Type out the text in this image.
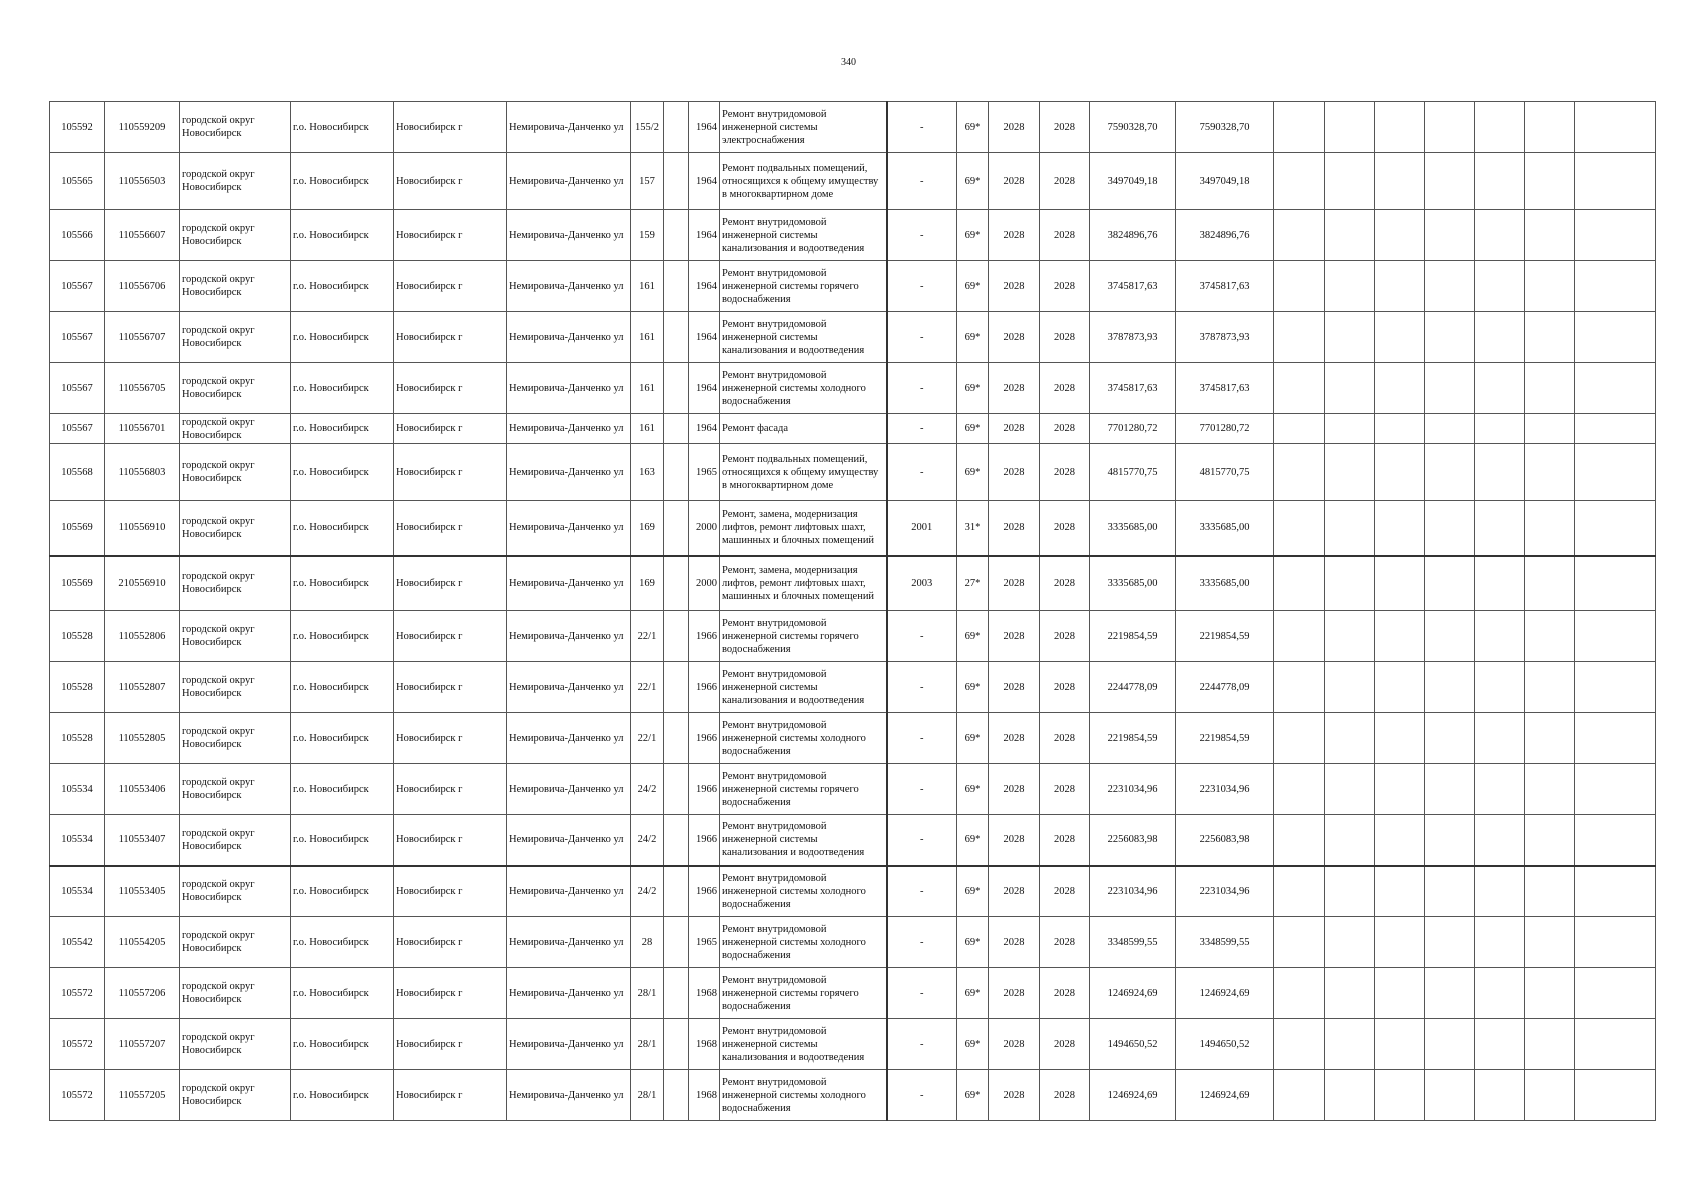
340
105592	110559209	городской округ Новосибирск	г.о. Новосибирск	Новосибирск г	Немировича-Данченко ул	155/2		1964	Ремонт внутридомовой инженерной системы электроснабжения	-	69*	2028	2028	7590328,70	7590328,70							
105565	110556503	городской округ Новосибирск	г.о. Новосибирск	Новосибирск г	Немировича-Данченко ул	157		1964	Ремонт подвальных помещений, относящихся к общему имуществу в многоквартирном доме	-	69*	2028	2028	3497049,18	3497049,18							
105566	110556607	городской округ Новосибирск	г.о. Новосибирск	Новосибирск г	Немировича-Данченко ул	159		1964	Ремонт внутридомовой инженерной системы канализования и водоотведения	-	69*	2028	2028	3824896,76	3824896,76							
105567	110556706	городской округ Новосибирск	г.о. Новосибирск	Новосибирск г	Немировича-Данченко ул	161		1964	Ремонт внутридомовой инженерной системы горячего водоснабжения	-	69*	2028	2028	3745817,63	3745817,63							
105567	110556707	городской округ Новосибирск	г.о. Новосибирск	Новосибирск г	Немировича-Данченко ул	161		1964	Ремонт внутридомовой инженерной системы канализования и водоотведения	-	69*	2028	2028	3787873,93	3787873,93							
105567	110556705	городской округ Новосибирск	г.о. Новосибирск	Новосибирск г	Немировича-Данченко ул	161		1964	Ремонт внутридомовой инженерной системы холодного водоснабжения	-	69*	2028	2028	3745817,63	3745817,63							
105567	110556701	городской округ Новосибирск	г.о. Новосибирск	Новосибирск г	Немировича-Данченко ул	161		1964	Ремонт фасада	-	69*	2028	2028	7701280,72	7701280,72							
105568	110556803	городской округ Новосибирск	г.о. Новосибирск	Новосибирск г	Немировича-Данченко ул	163		1965	Ремонт подвальных помещений, относящихся к общему имуществу в многоквартирном доме	-	69*	2028	2028	4815770,75	4815770,75							
105569	110556910	городской округ Новосибирск	г.о. Новосибирск	Новосибирск г	Немировича-Данченко ул	169		2000	Ремонт, замена, модернизация лифтов, ремонт лифтовых шахт, машинных и блочных помещений	2001	31*	2028	2028	3335685,00	3335685,00							
105569	210556910	городской округ Новосибирск	г.о. Новосибирск	Новосибирск г	Немировича-Данченко ул	169		2000	Ремонт, замена, модернизация лифтов, ремонт лифтовых шахт, машинных и блочных помещений	2003	27*	2028	2028	3335685,00	3335685,00							
105528	110552806	городской округ Новосибирск	г.о. Новосибирск	Новосибирск г	Немировича-Данченко ул	22/1		1966	Ремонт внутридомовой инженерной системы горячего водоснабжения	-	69*	2028	2028	2219854,59	2219854,59							
105528	110552807	городской округ Новосибирск	г.о. Новосибирск	Новосибирск г	Немировича-Данченко ул	22/1		1966	Ремонт внутридомовой инженерной системы канализования и водоотведения	-	69*	2028	2028	2244778,09	2244778,09							
105528	110552805	городской округ Новосибирск	г.о. Новосибирск	Новосибирск г	Немировича-Данченко ул	22/1		1966	Ремонт внутридомовой инженерной системы холодного водоснабжения	-	69*	2028	2028	2219854,59	2219854,59							
105534	110553406	городской округ Новосибирск	г.о. Новосибирск	Новосибирск г	Немировича-Данченко ул	24/2		1966	Ремонт внутридомовой инженерной системы горячего водоснабжения	-	69*	2028	2028	2231034,96	2231034,96							
105534	110553407	городской округ Новосибирск	г.о. Новосибирск	Новосибирск г	Немировича-Данченко ул	24/2		1966	Ремонт внутридомовой инженерной системы канализования и водоотведения	-	69*	2028	2028	2256083,98	2256083,98							
105534	110553405	городской округ Новосибирск	г.о. Новосибирск	Новосибирск г	Немировича-Данченко ул	24/2		1966	Ремонт внутридомовой инженерной системы холодного водоснабжения	-	69*	2028	2028	2231034,96	2231034,96							
105542	110554205	городской округ Новосибирск	г.о. Новосибирск	Новосибирск г	Немировича-Данченко ул	28		1965	Ремонт внутридомовой инженерной системы холодного водоснабжения	-	69*	2028	2028	3348599,55	3348599,55							
105572	110557206	городской округ Новосибирск	г.о. Новосибирск	Новосибирск г	Немировича-Данченко ул	28/1		1968	Ремонт внутридомовой инженерной системы горячего водоснабжения	-	69*	2028	2028	1246924,69	1246924,69							
105572	110557207	городской округ Новосибирск	г.о. Новосибирск	Новосибирск г	Немировича-Данченко ул	28/1		1968	Ремонт внутридомовой инженерной системы канализования и водоотведения	-	69*	2028	2028	1494650,52	1494650,52							
105572	110557205	городской округ Новосибирск	г.о. Новосибирск	Новосибирск г	Немировича-Данченко ул	28/1		1968	Ремонт внутридомовой инженерной системы холодного водоснабжения	-	69*	2028	2028	1246924,69	1246924,69							
